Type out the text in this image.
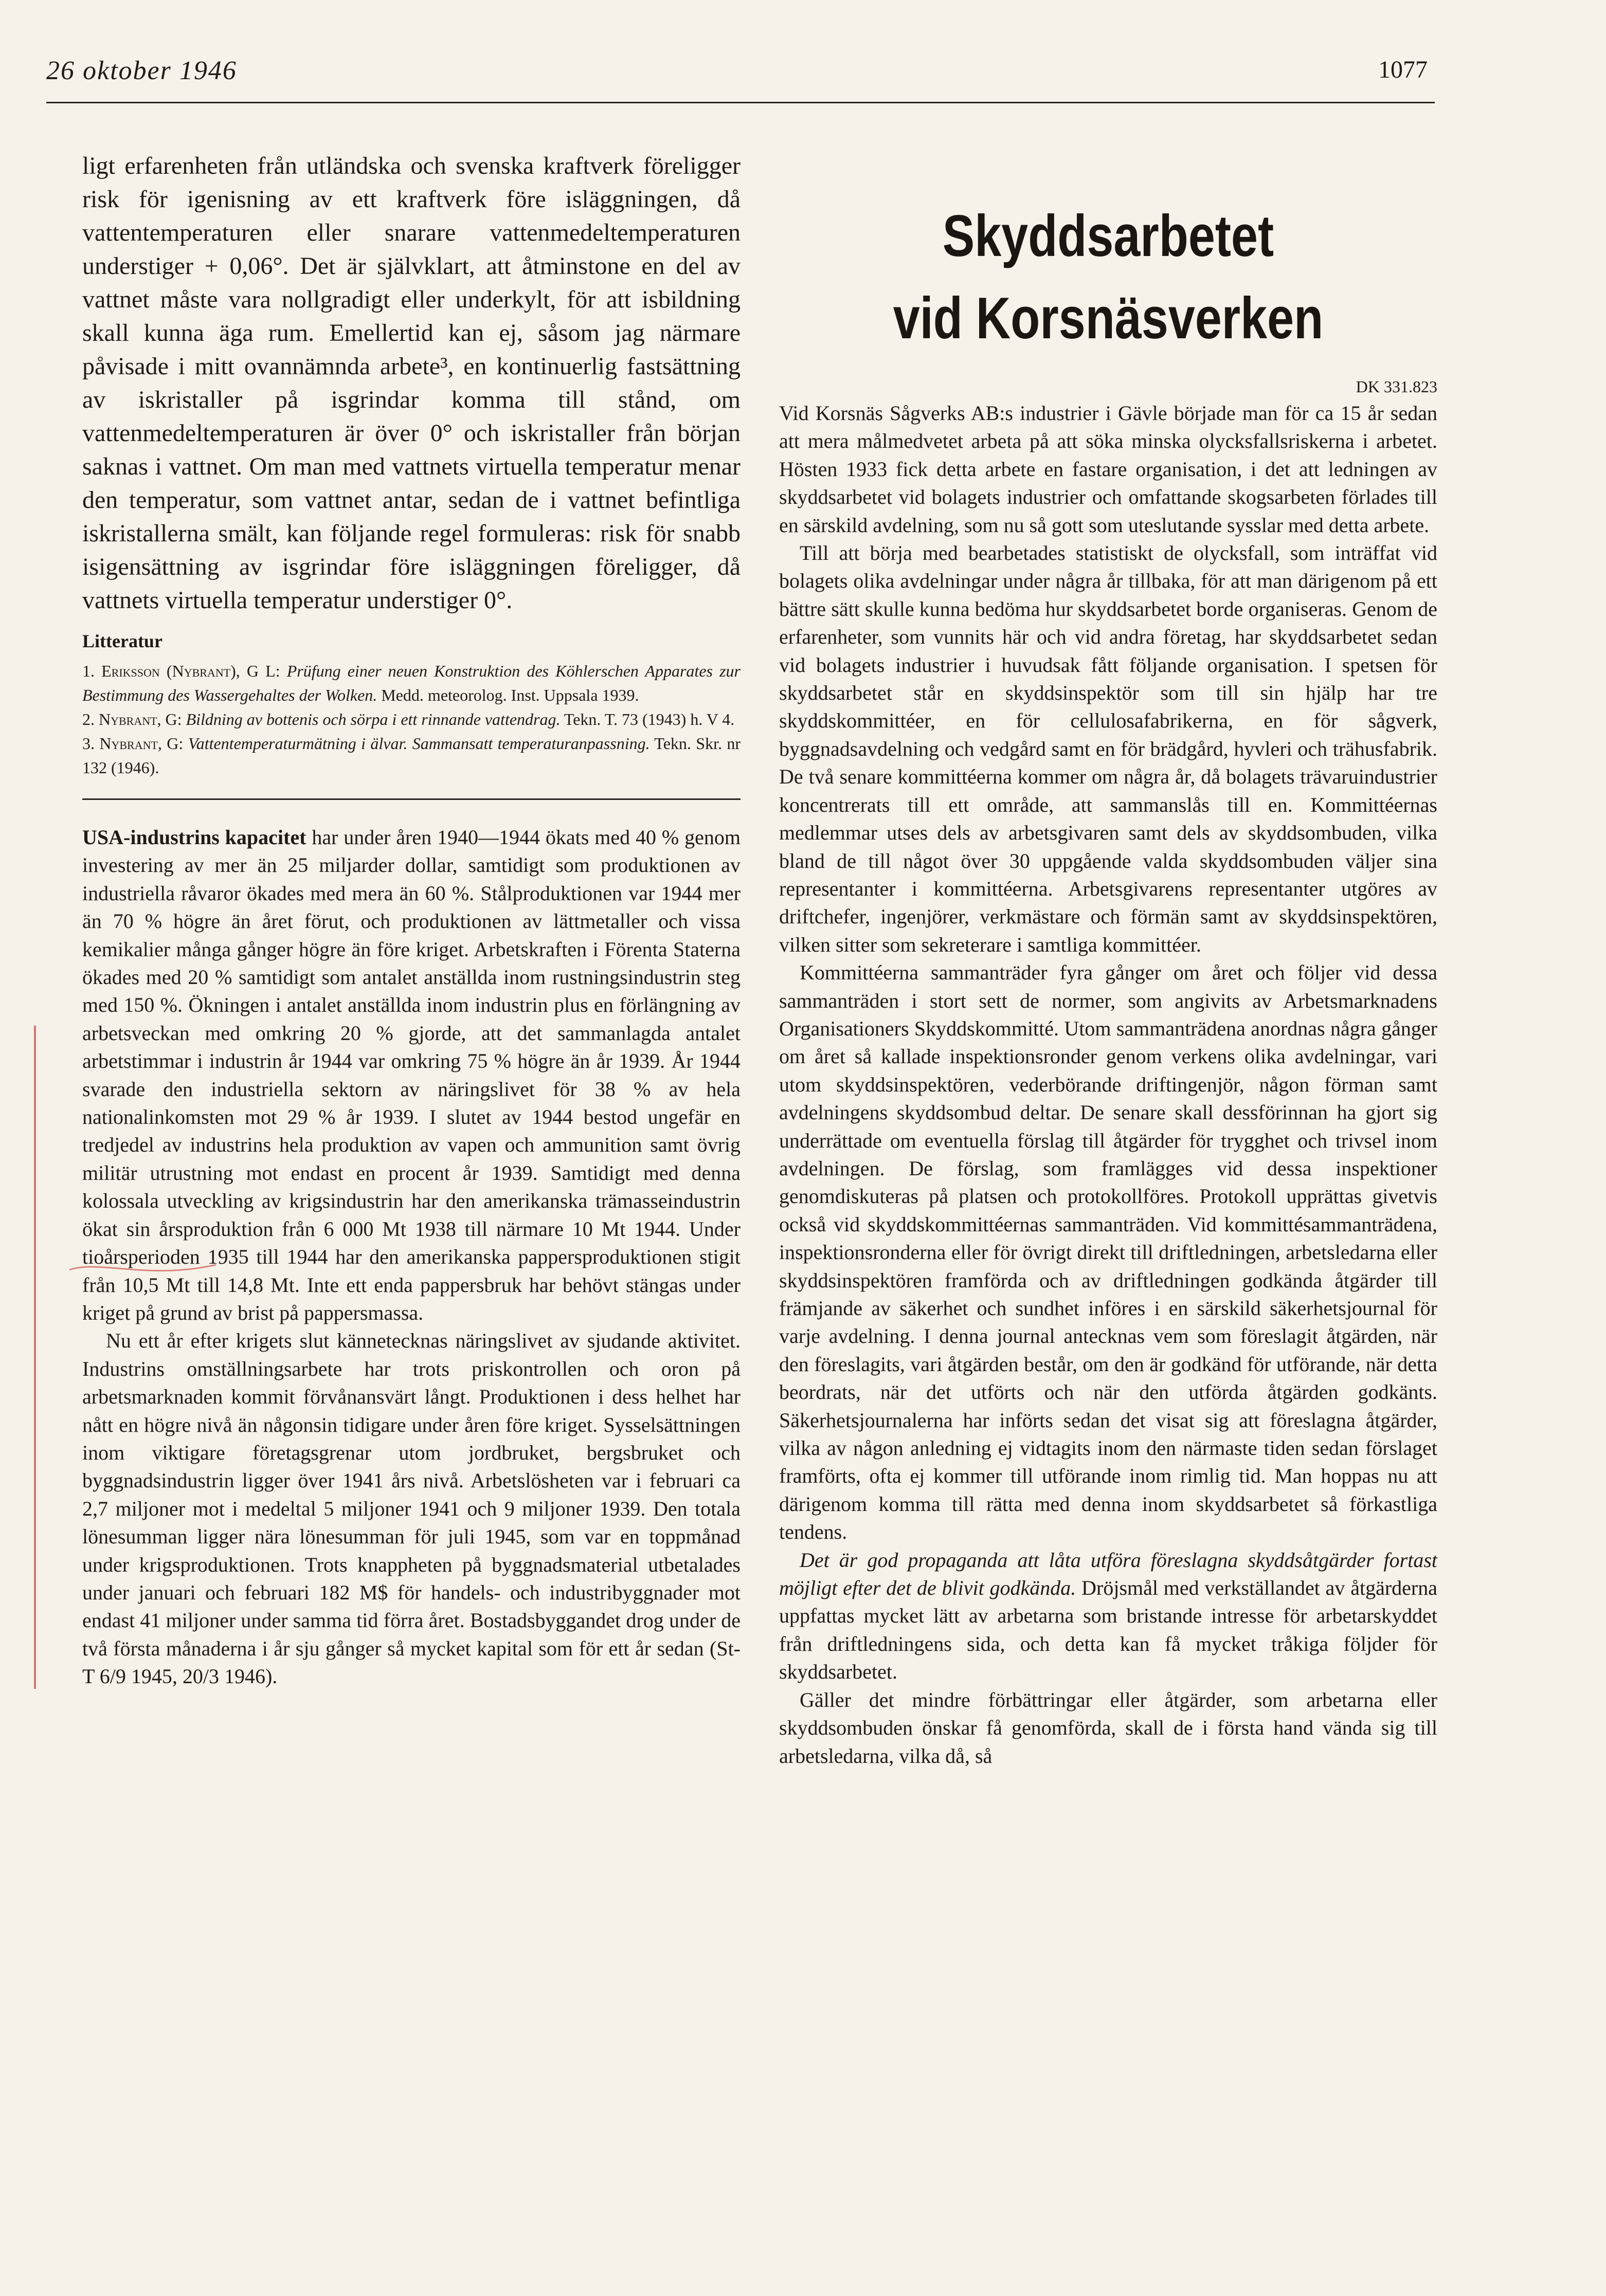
26 oktober 1946	1077

ligt erfarenheten från utländska och svenska kraftverk föreligger risk för igenisning av ett kraftverk före isläggningen, då vattentemperaturen eller snarare vattenmedeltemperaturen understiger + 0,06°. Det är självklart, att åtminstone en del av vattnet måste vara nollgradigt eller underkylt, för att isbildning skall kunna äga rum. Emellertid kan ej, såsom jag närmare påvisade i mitt ovannämnda arbete³, en kontinuerlig fastsättning av iskristaller på isgrindar komma till stånd, om vattenmedeltemperaturen är över 0° och iskristaller från början saknas i vattnet. Om man med vattnets virtuella temperatur menar den temperatur, som vattnet antar, sedan de i vattnet befintliga iskristallerna smält, kan följande regel formuleras: risk för snabb isigensättning av isgrindar före isläggningen föreligger, då vattnets virtuella temperatur understiger 0°.

Litteratur

1. Eriksson (Nybrant), G L: Prüfung einer neuen Konstruktion des Köhlerschen Apparates zur Bestimmung des Wassergehaltes der Wolken. Medd. meteorolog. Inst. Uppsala 1939.

2. Nybrant, G: Bildning av bottenis och sörpa i ett rinnande vattendrag. Tekn. T. 73 (1943) h. V 4.

3. Nybrant, G: Vattentemperaturmätning i älvar. Sammansatt temperaturanpassning. Tekn. Skr. nr 132 (1946).

USA-industrins kapacitet har under åren 1940—1944 ökats med 40 % genom investering av mer än 25 miljarder dollar, samtidigt som produktionen av industriella råvaror ökades med mera än 60 %. Stålproduktionen var 1944 mer än 70 % högre än året förut, och produktionen av lättmetaller och vissa kemikalier många gånger högre än före kriget. Arbetskraften i Förenta Staterna ökades med 20 % samtidigt som antalet anställda inom rustningsindustrin steg med 150 %. Ökningen i antalet anställda inom industrin plus en förlängning av arbetsveckan med omkring 20 % gjorde, att det sammanlagda antalet arbetstimmar i industrin år 1944 var omkring 75 % högre än år 1939. År 1944 svarade den industriella sektorn av näringslivet för 38 % av hela nationalinkomsten mot 29 % år 1939. I slutet av 1944 bestod ungefär en tredjedel av industrins hela produktion av vapen och ammunition samt övrig militär utrustning mot endast en procent år 1939. Samtidigt med denna kolossala utveckling av krigsindustrin har den amerikanska trämasseindustrin ökat sin årsproduktion från 6 000 Mt 1938 till närmare 10 Mt 1944. Under tioårsperioden 1935 till 1944 har den amerikanska pappersproduktionen stigit från 10,5 Mt till 14,8 Mt. Inte ett enda pappersbruk har behövt stängas under kriget på grund av brist på pappersmassa.

Nu ett år efter krigets slut kännetecknas näringslivet av sjudande aktivitet. Industrins omställningsarbete har trots priskontrollen och oron på arbetsmarknaden kommit förvånansvärt långt. Produktionen i dess helhet har nått en högre nivå än någonsin tidigare under åren före kriget. Sysselsättningen inom viktigare företagsgrenar utom jordbruket, bergsbruket och byggnadsindustrin ligger över 1941 års nivå. Arbetslösheten var i februari ca 2,7 miljoner mot i medeltal 5 miljoner 1941 och 9 miljoner 1939. Den totala lönesumman ligger nära lönesumman för juli 1945, som var en toppmånad under krigsproduktionen. Trots knappheten på byggnadsmaterial utbetalades under januari och februari 182 M$ för handels- och industribyggnader mot endast 41 miljoner under samma tid förra året. Bostadsbyggandet drog under de två första månaderna i år sju gånger så mycket kapital som för ett år sedan (St-T 6/9 1945, 20/3 1946).

Skyddsarbetet

vid Korsnäsverken

DK 331.823

Vid Korsnäs Sågverks AB:s industrier i Gävle började man för ca 15 år sedan att mera målmedvetet arbeta på att söka minska olycksfallsriskerna i arbetet. Hösten 1933 fick detta arbete en fastare organisation, i det att ledningen av skyddsarbetet vid bolagets industrier och omfattande skogsarbeten förlades till en särskild avdelning, som nu så gott som uteslutande sysslar med detta arbete.

Till att börja med bearbetades statistiskt de olycksfall, som inträffat vid bolagets olika avdelningar under några år tillbaka, för att man därigenom på ett bättre sätt skulle kunna bedöma hur skyddsarbetet borde organiseras. Genom de erfarenheter, som vunnits här och vid andra företag, har skyddsarbetet sedan vid bolagets industrier i huvudsak fått följande organisation. I spetsen för skyddsarbetet står en skyddsinspektör som till sin hjälp har tre skyddskommittéer, en för cellulosafabrikerna, en för sågverk, byggnadsavdelning och vedgård samt en för brädgård, hyvleri och trähusfabrik. De två senare kommittéerna kommer om några år, då bolagets trävaruindustrier koncentrerats till ett område, att sammanslås till en. Kommittéernas medlemmar utses dels av arbetsgivaren samt dels av skyddsombuden, vilka bland de till något över 30 uppgående valda skyddsombuden väljer sina representanter i kommittéerna. Arbetsgivarens representanter utgöres av driftchefer, ingenjörer, verkmästare och förmän samt av skyddsinspektören, vilken sitter som sekreterare i samtliga kommittéer.

Kommittéerna sammanträder fyra gånger om året och följer vid dessa sammanträden i stort sett de normer, som angivits av Arbetsmarknadens Organisationers Skyddskommitté. Utom sammanträdena anordnas några gånger om året så kallade inspektionsronder genom verkens olika avdelningar, vari utom skyddsinspektören, vederbörande driftingenjör, någon förman samt avdelningens skyddsombud deltar. De senare skall dessförinnan ha gjort sig underrättade om eventuella förslag till åtgärder för trygghet och trivsel inom avdelningen. De förslag, som framlägges vid dessa inspektioner genomdiskuteras på platsen och protokollföres. Protokoll upprättas givetvis också vid skyddskommittéernas sammanträden. Vid kommittésammanträdena, inspektionsronderna eller för övrigt direkt till driftledningen, arbetsledarna eller skyddsinspektören framförda och av driftledningen godkända åtgärder till främjande av säkerhet och sundhet införes i en särskild säkerhetsjournal för varje avdelning. I denna journal antecknas vem som föreslagit åtgärden, när den föreslagits, vari åtgärden består, om den är godkänd för utförande, när detta beordrats, när det utförts och när den utförda åtgärden godkänts. Säkerhetsjournalerna har införts sedan det visat sig att föreslagna åtgärder, vilka av någon anledning ej vidtagits inom den närmaste tiden sedan förslaget framförts, ofta ej kommer till utförande inom rimlig tid. Man hoppas nu att därigenom komma till rätta med denna inom skyddsarbetet så förkastliga tendens.

Det är god propaganda att låta utföra föreslagna skyddsåtgärder fortast möjligt efter det de blivit godkända. Dröjsmål med verkställandet av åtgärderna uppfattas mycket lätt av arbetarna som bristande intresse för arbetarskyddet från driftledningens sida, och detta kan få mycket tråkiga följder för skyddsarbetet.

Gäller det mindre förbättringar eller åtgärder, som arbetarna eller skyddsombuden önskar få genomförda, skall de i första hand vända sig till arbetsledarna, vilka då, så
